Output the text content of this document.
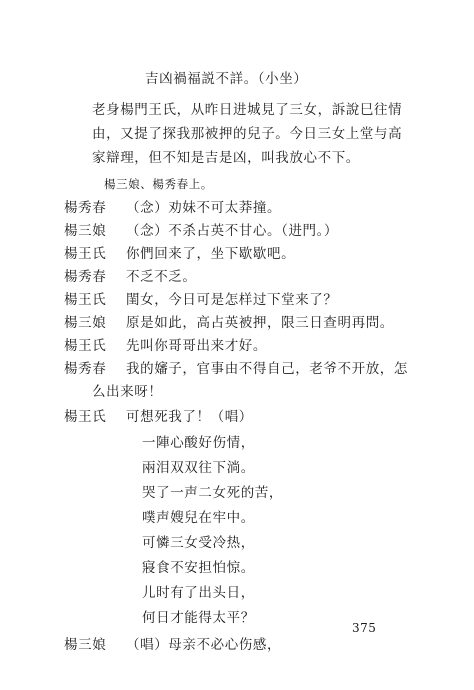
吉凶禍福説不詳。（小坐）
老身楊門王氏，从昨日进城見了三女，訴說巳往情
由，又提了探我那被押的兒子。今日三女上堂与高
家辯理，但不知是吉是凶，叫我放心不下。
楊三娘、楊秀春上。
楊秀春 （念）劝妹不可太莽撞。
楊三娘 （念）不杀占英不甘心。（进門。）
楊王氏 你們回来了，坐下歇歇吧。
楊秀春 不乏不乏。
楊王氏 閨女，今日可是怎样过下堂来了？
楊三娘 原是如此，高占英被押，限三日查明再問。
楊王氏 先叫你哥哥出来才好。
楊秀春 我的嬸子，官事由不得自己，老爷不开放，怎
么出来呀！
楊王氏 可想死我了！（唱）
一陣心酸好伤情，
兩泪双双往下淌。
哭了一声二女死的苦，
噗声嫂兒在牢中。
可憐三女受冷热，
寢食不安担怕惊。
儿时有了出头日，
何日才能得太平？
楊三娘 （唱）母亲不必心伤感，
375
